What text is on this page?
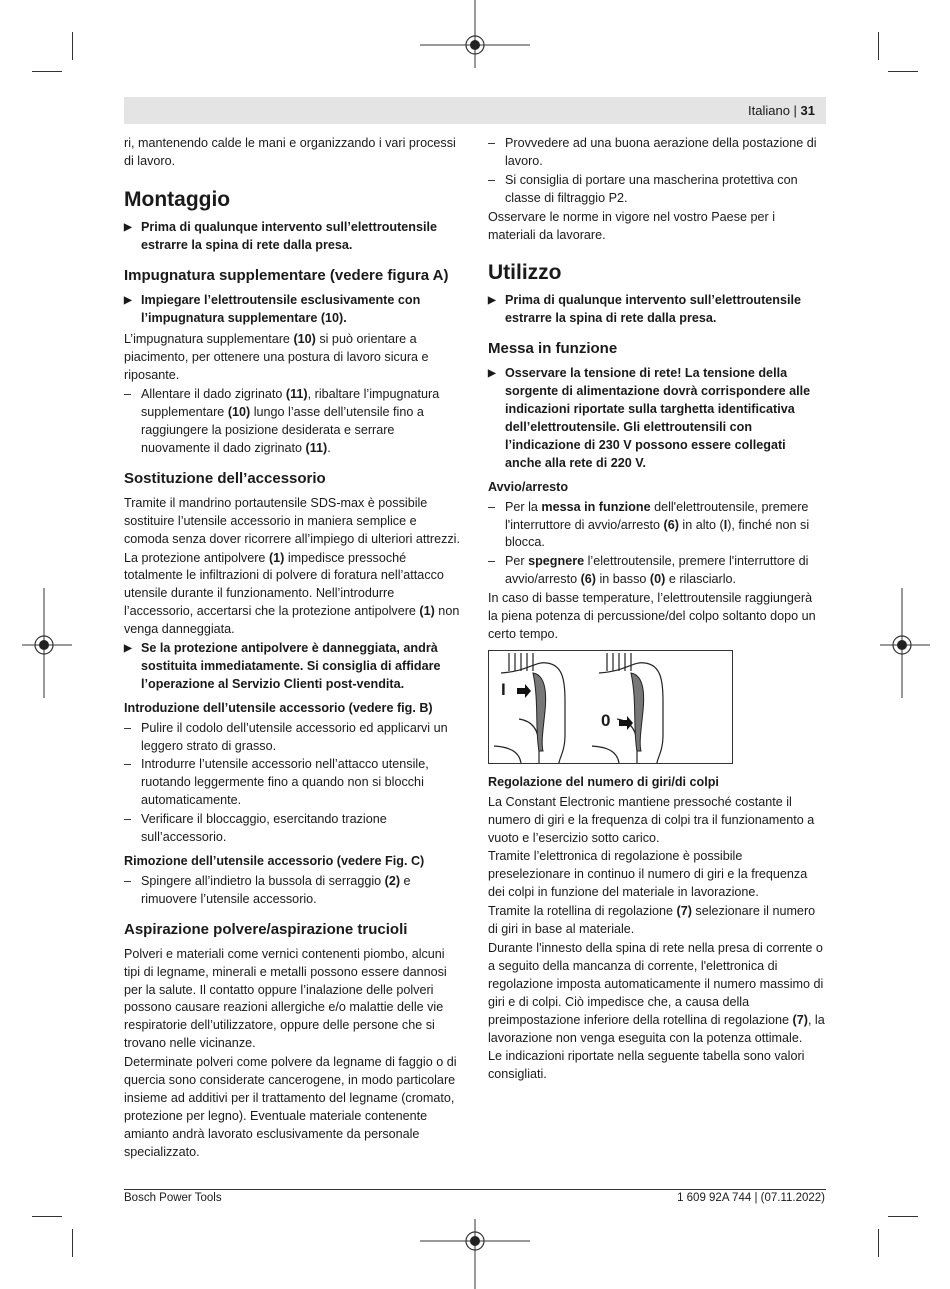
Italiano | 31

ri, mantenendo calde le mani e organizzando i vari processi di lavoro.

Montaggio
▶ Prima di qualunque intervento sull’elettroutensile estrarre la spina di rete dalla presa.
Impugnatura supplementare (vedere figura A)
▶ Impiegare l’elettroutensile esclusivamente con l’impugnatura supplementare (10).

L’impugnatura supplementare (10) si può orientare a piacimento, per ottenere una postura di lavoro sicura e riposante.

– Allentare il dado zigrinato (11), ribaltare l’impugnatura supplementare (10) lungo l’asse dell’utensile fino a raggiungere la posizione desiderata e serrare nuovamente il dado zigrinato (11).
Sostituzione dell’accessorio

Tramite il mandrino portautensile SDS-max è possibile sostituire l’utensile accessorio in maniera semplice e comoda senza dover ricorrere all’impiego di ulteriori attrezzi.

La protezione antipolvere (1) impedisce pressoché totalmente le infiltrazioni di polvere di foratura nell’attacco utensile durante il funzionamento. Nell’introdurre l’accessorio, accertarsi che la protezione antipolvere (1) non venga danneggiata.

▶ Se la protezione antipolvere è danneggiata, andrà sostituita immediatamente. Si consiglia di affidare l’operazione al Servizio Clienti post-vendita.
Introduzione dell’utensile accessorio (vedere fig. B)
– Pulire il codolo dell’utensile accessorio ed applicarvi un leggero strato di grasso.
– Introdurre l’utensile accessorio nell’attacco utensile, ruotando leggermente fino a quando non si blocchi automaticamente.
– Verificare il bloccaggio, esercitando trazione sull’accessorio.
Rimozione dell’utensile accessorio (vedere Fig. C)
– Spingere all’indietro la bussola di serraggio (2) e rimuovere l’utensile accessorio.
Aspirazione polvere/aspirazione trucioli

Polveri e materiali come vernici contenenti piombo, alcuni tipi di legname, minerali e metalli possono essere dannosi per la salute. Il contatto oppure l’inalazione delle polveri possono causare reazioni allergiche e/o malattie delle vie respiratorie dell’utilizzatore, oppure delle persone che si trovano nelle vicinanze.

Determinate polveri come polvere da legname di faggio o di quercia sono considerate cancerogene, in modo particolare insieme ad additivi per il trattamento del legname (cromato, protezione per legno). Eventuale materiale contenente amianto andrà lavorato esclusivamente da personale specializzato.

– Provvedere ad una buona aerazione della postazione di lavoro.
– Si consiglia di portare una mascherina protettiva con classe di filtraggio P2.

Osservare le norme in vigore nel vostro Paese per i materiali da lavorare.

Utilizzo
▶ Prima di qualunque intervento sull’elettroutensile estrarre la spina di rete dalla presa.
Messa in funzione
▶ Osservare la tensione di rete! La tensione della sorgente di alimentazione dovrà corrispondere alle indicazioni riportate sulla targhetta identificativa dell’elettroutensile. Gli elettroutensili con l’indicazione di 230 V possono essere collegati anche alla rete di 220 V.
Avvio/arresto
– Per la messa in funzione dell'elettroutensile, premere l'interruttore di avvio/arresto (6) in alto (I), finché non si blocca.
– Per spegnere l’elettroutensile, premere l'interruttore di avvio/arresto (6) in basso (0) e rilasciarlo.

In caso di basse temperature, l’elettroutensile raggiungerà la piena potenza di percussione/del colpo soltanto dopo un certo tempo.

I
0
Regolazione del numero di giri/di colpi

La Constant Electronic mantiene pressoché costante il numero di giri e la frequenza di colpi tra il funzionamento a vuoto e l’esercizio sotto carico.

Tramite l’elettronica di regolazione è possibile preselezionare in continuo il numero di giri e la frequenza dei colpi in funzione del materiale in lavorazione.

Tramite la rotellina di regolazione (7) selezionare il numero di giri in base al materiale.

Durante l'innesto della spina di rete nella presa di corrente o a seguito della mancanza di corrente, l'elettronica di regolazione imposta automaticamente il numero massimo di giri e di colpi. Ciò impedisce che, a causa della preimpostazione inferiore della rotellina di regolazione (7), la lavorazione non venga eseguita con la potenza ottimale.

Le indicazioni riportate nella seguente tabella sono valori consigliati.

Bosch Power Tools	1 609 92A 744 | (07.11.2022)
